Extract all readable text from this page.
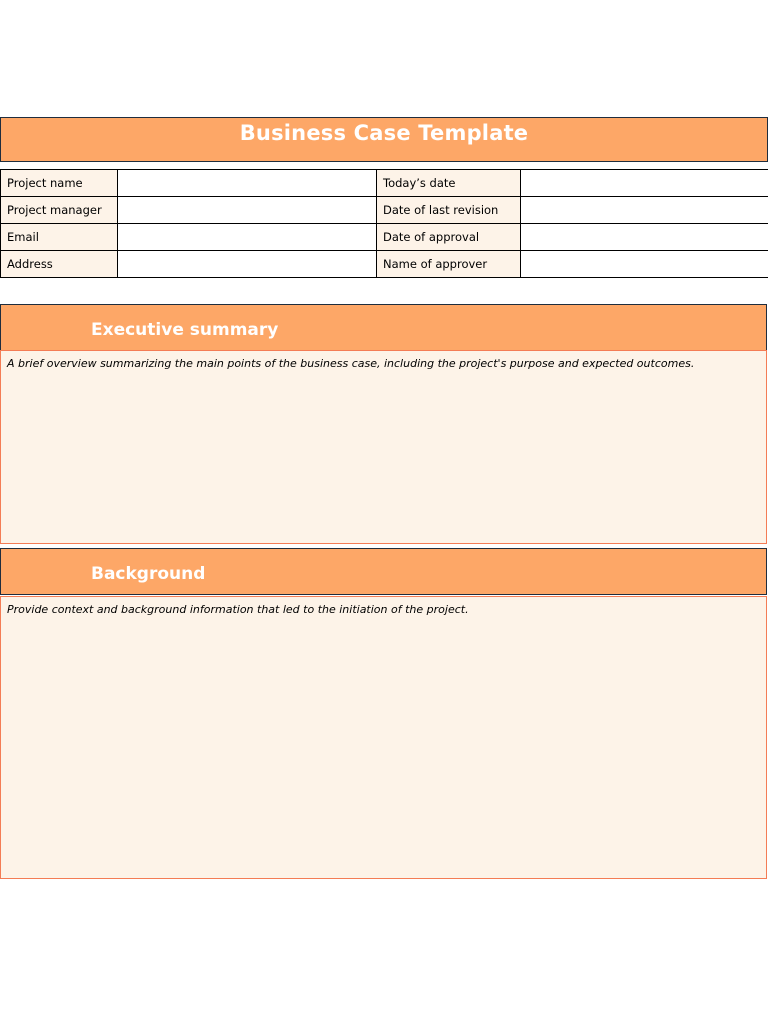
Business Case Template
Project name		Today’s date	
Project manager		Date of last revision	
Email		Date of approval	
Address		Name of approver	
Executive summary
A brief overview summarizing the main points of the business case, including the project's purpose and expected outcomes.
Background
Provide context and background information that led to the initiation of the project.
